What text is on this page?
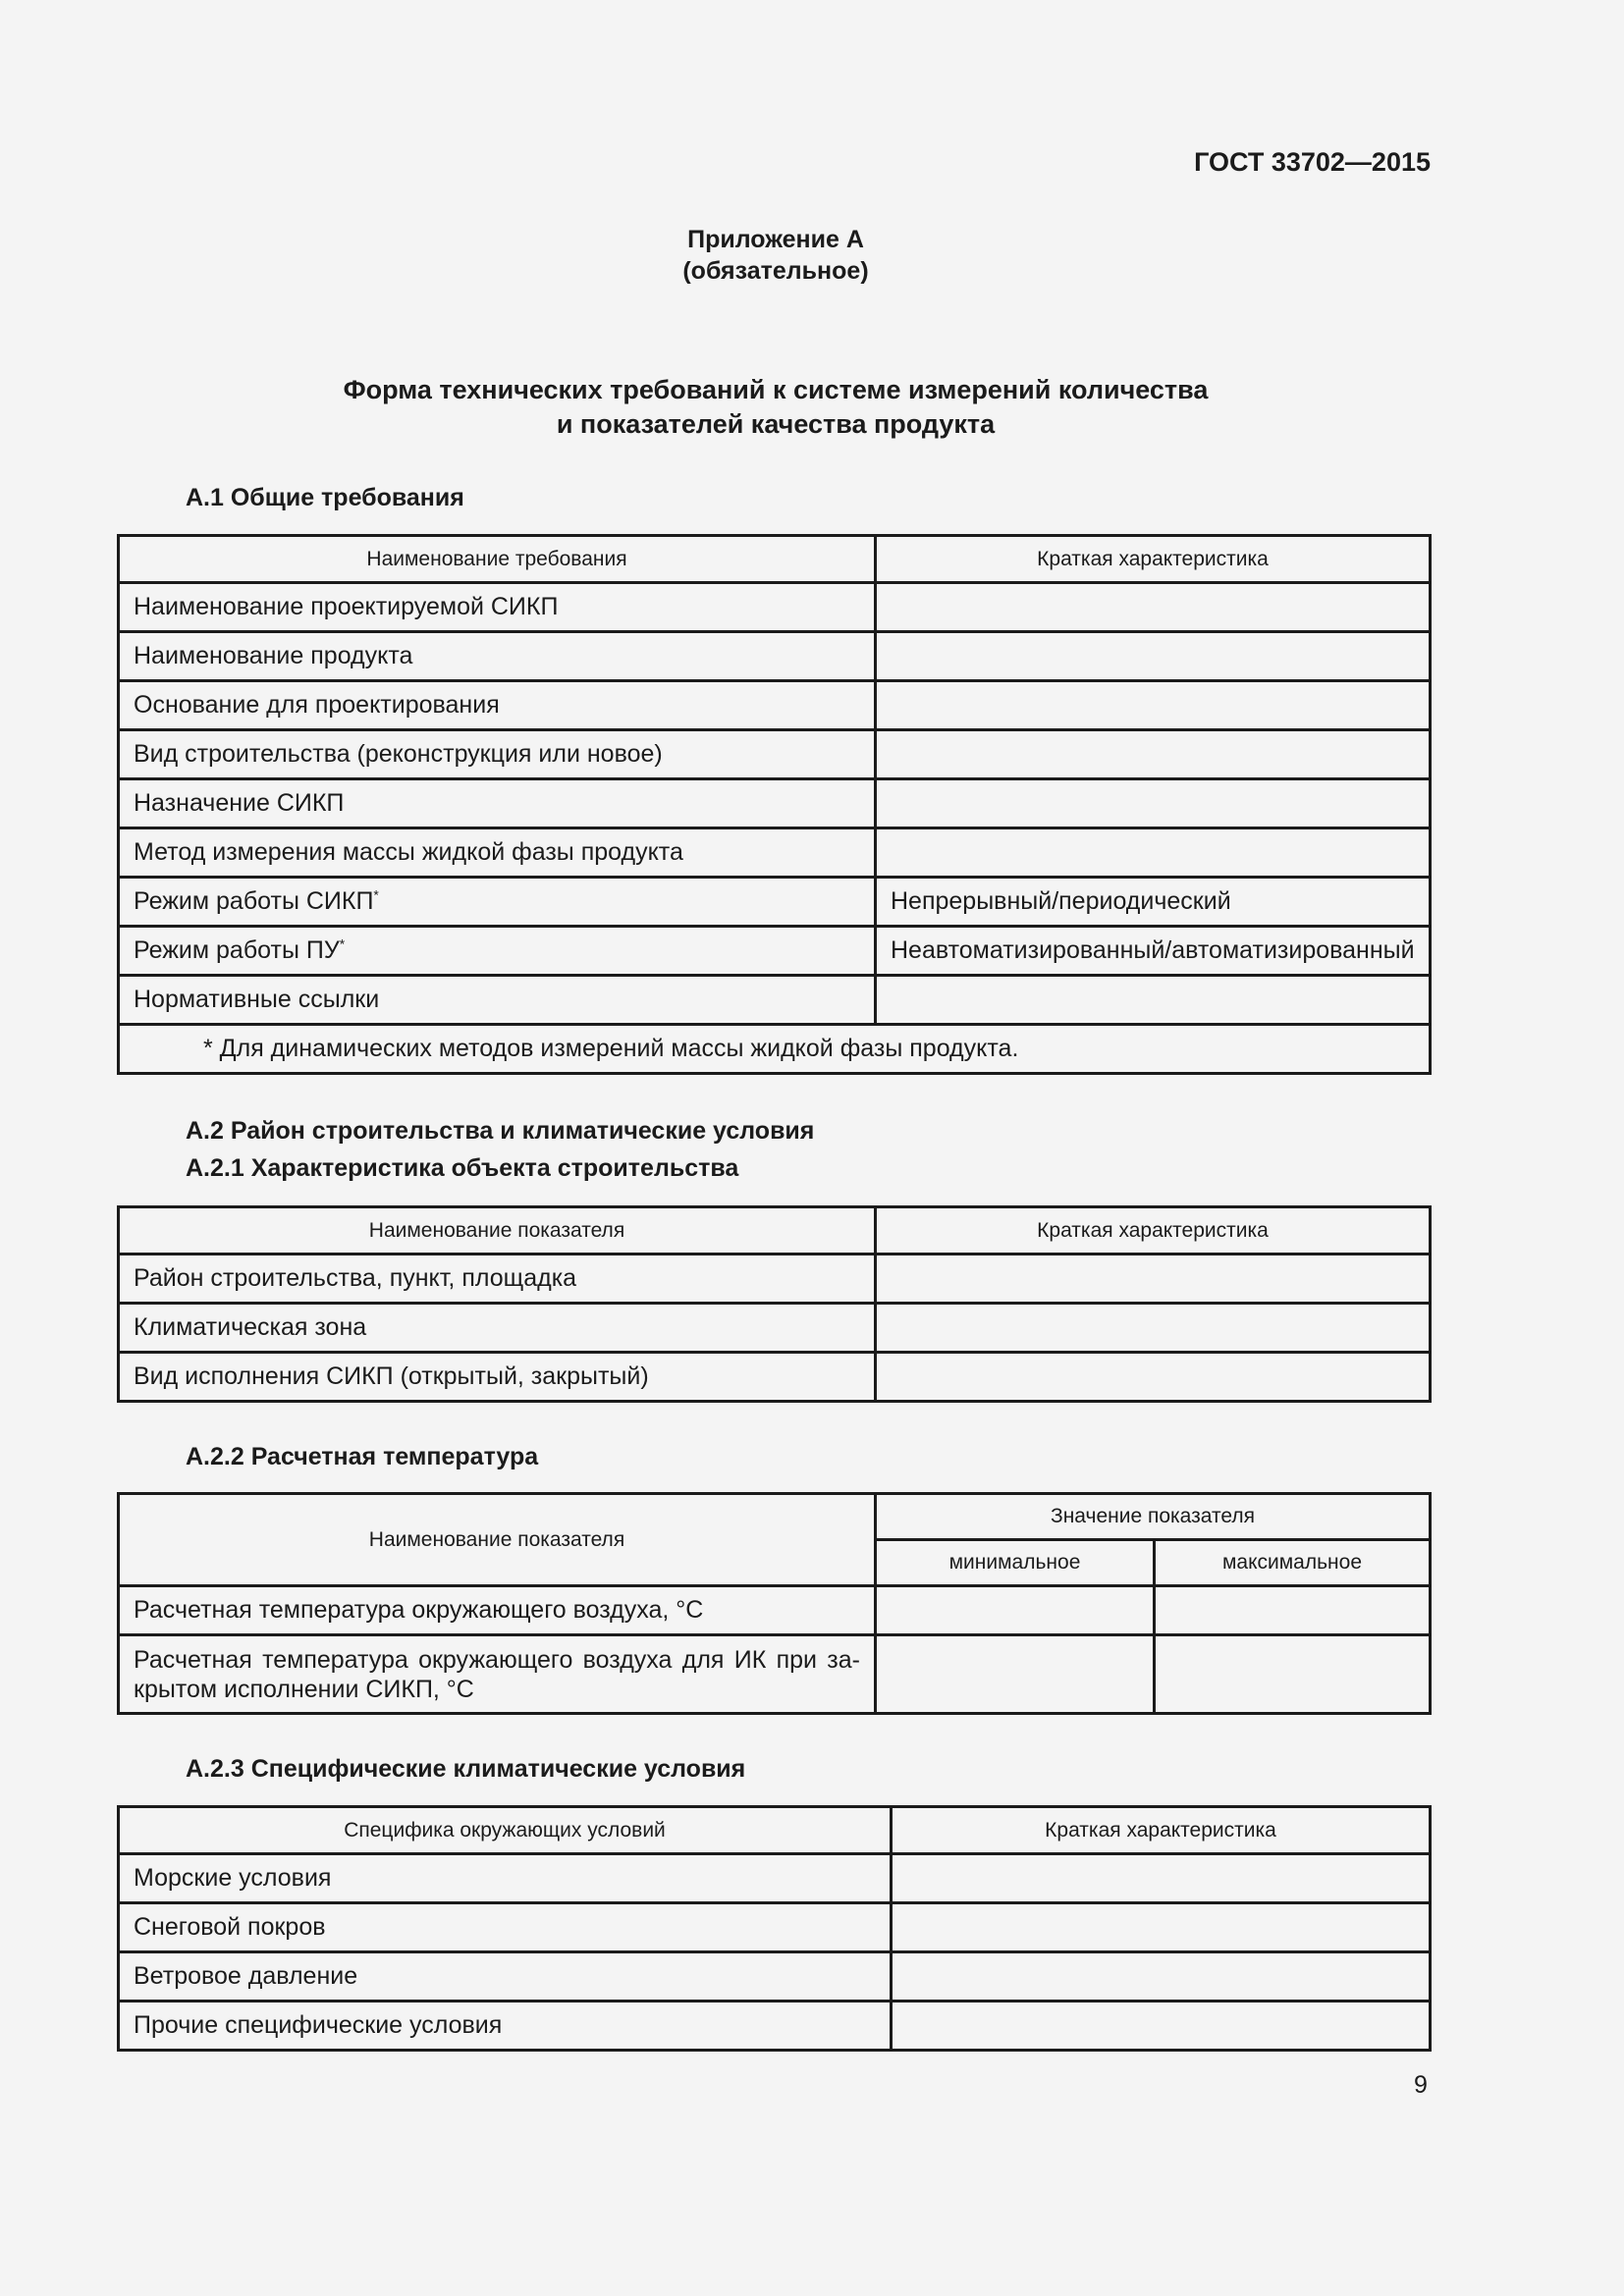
ГОСТ 33702—2015
Приложение А
(обязательное)
Форма технических требований к системе измерений количества
и показателей качества продукта
А.1 Общие требования
Наименование требования	Краткая характеристика
Наименование проектируемой СИКП	
Наименование продукта	
Основание для проектирования	
Вид строительства (реконструкция или новое)	
Назначение СИКП	
Метод измерения массы жидкой фазы продукта	
Режим работы СИКП*	Непрерывный/периодический
Режим работы ПУ*	Неавтоматизированный/автоматизированный
Нормативные ссылки	
* Для динамических методов измерений массы жидкой фазы продукта.	
А.2 Район строительства и климатические условия
А.2.1 Характеристика объекта строительства
Наименование показателя	Краткая характеристика
Район строительства, пункт, площадка	
Климатическая зона	
Вид исполнения СИКП (открытый, закрытый)	
А.2.2 Расчетная температура
Наименование показателя	Значение показателя	
	минимальное	максимальное
Расчетная температура окружающего воздуха, °С		
Расчетная температура окружающего воздуха для ИК при за-крытом исполнении СИКП, °С		
А.2.3 Специфические климатические условия
Специфика окружающих условий	Краткая характеристика
Морские условия	
Снеговой покров	
Ветровое давление	
Прочие специфические условия	
9
